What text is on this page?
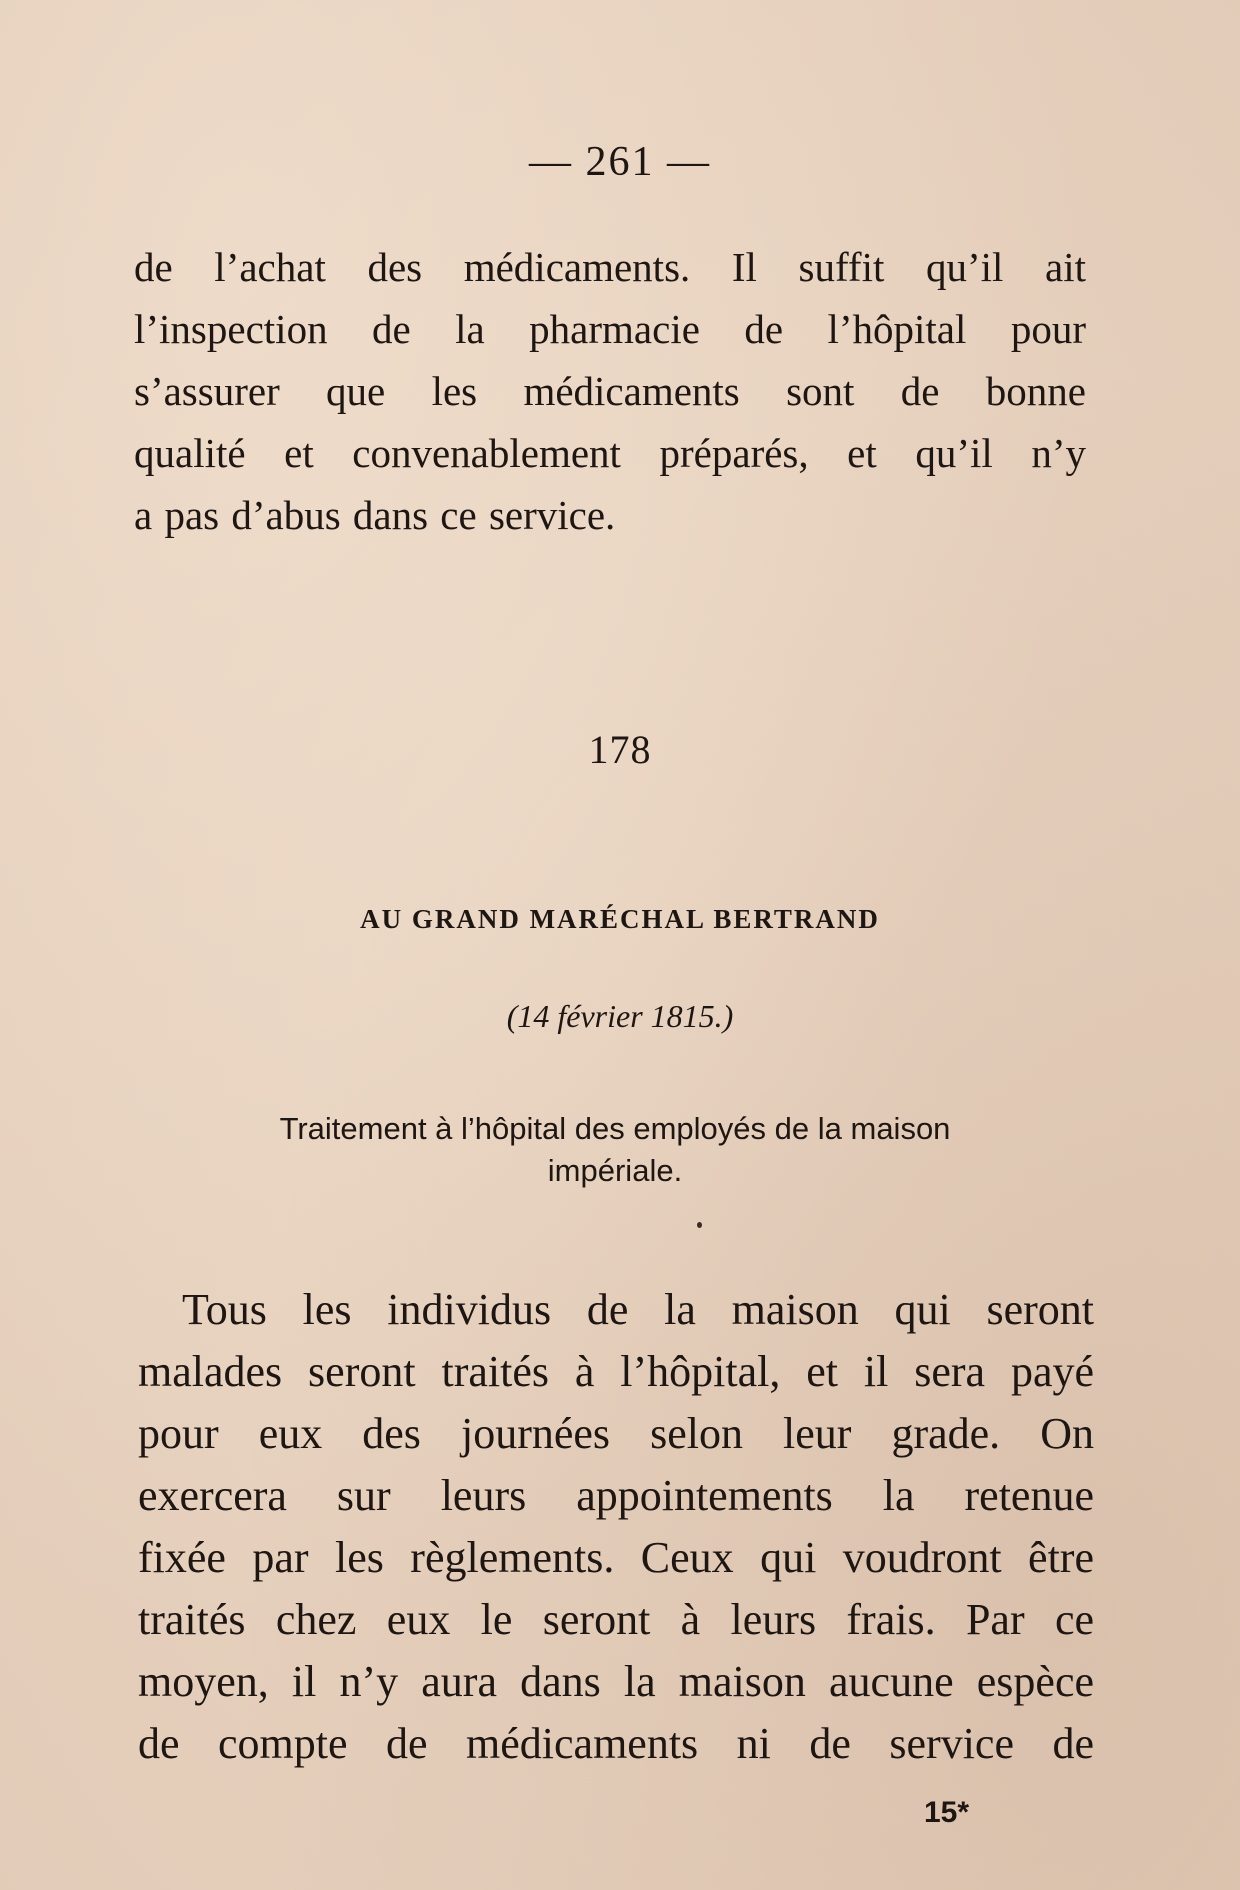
— 261 —
de l’achat des médicaments. Il suffit qu’il ait
l’inspection de la pharmacie de l’hôpital pour
s’assurer que les médicaments sont de bonne
qualité et convenablement préparés, et qu’il n’y
a pas d’abus dans ce service.
178
AU GRAND MARÉCHAL BERTRAND
(14 février 1815.)
Traitement à l’hôpital des employés de la maison
impériale.
Tous les individus de la maison qui seront
malades seront traités à l’hôpital, et il sera payé
pour eux des journées selon leur grade. On
exercera sur leurs appointements la retenue
fixée par les règlements. Ceux qui voudront être
traités chez eux le seront à leurs frais. Par ce
moyen, il n’y aura dans la maison aucune espèce
de compte de médicaments ni de service de
15*
